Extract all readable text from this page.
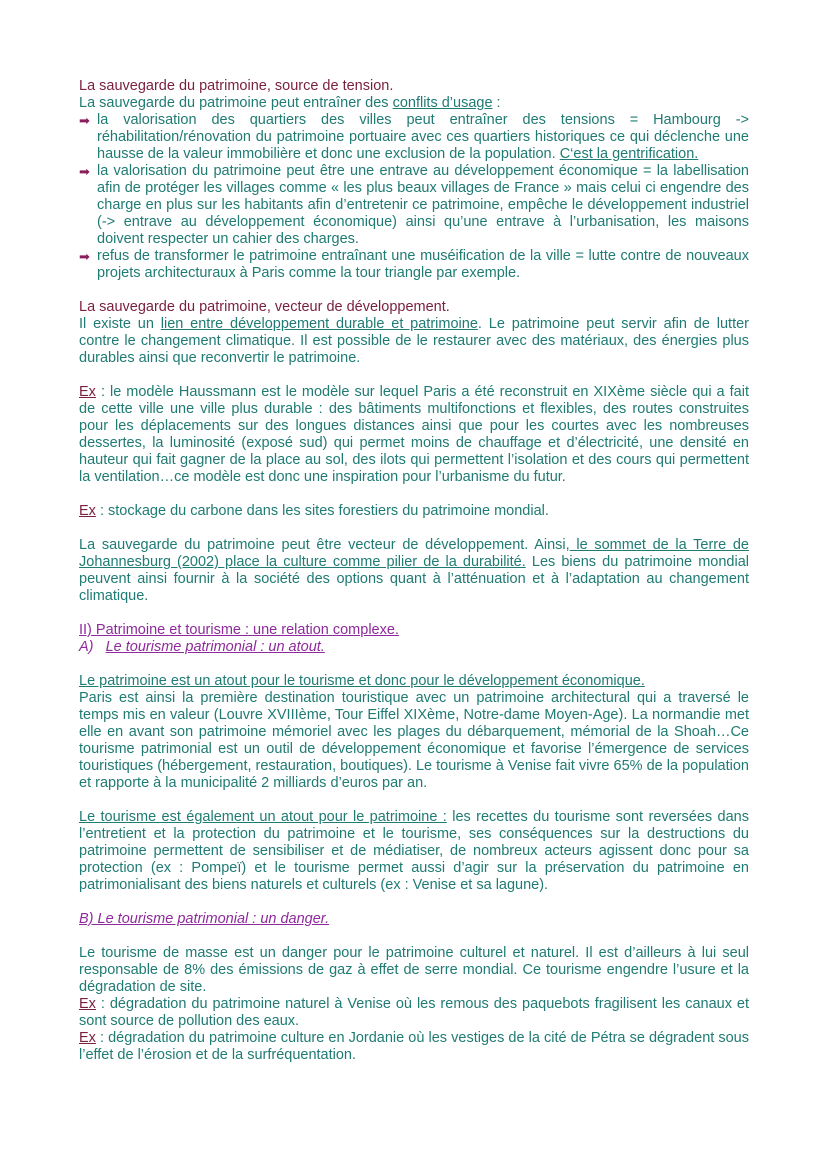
La sauvegarde du patrimoine, source de tension.

La sauvegarde du patrimoine peut entraîner des conflits d’usage :

➡ la valorisation des quartiers des villes peut entraîner des tensions = Hambourg -> réhabilitation/rénovation du patrimoine portuaire avec ces quartiers historiques ce qui déclenche une hausse de la valeur immobilière et donc une exclusion de la population. C‘est la gentrification.

➡ la valorisation du patrimoine peut être une entrave au développement économique = la labellisation afin de protéger les villages comme « les plus beaux villages de France » mais celui ci engendre des charge en plus sur les habitants afin d’entretenir ce patrimoine, empêche le développement industriel (-> entrave au développement économique) ainsi qu’une entrave à l’urbanisation, les maisons doivent respecter un cahier des charges.

➡ refus de transformer le patrimoine entraînant une muséification de la ville = lutte contre de nouveaux projets architecturaux à Paris comme la tour triangle par exemple.

La sauvegarde du patrimoine, vecteur de développement.

Il existe un lien entre développement durable et patrimoine. Le patrimoine peut servir afin de lutter contre le changement climatique. Il est possible de le restaurer avec des matériaux, des énergies plus durables ainsi que reconvertir le patrimoine.

Ex : le modèle Haussmann est le modèle sur lequel Paris a été reconstruit en XIXème siècle qui a fait de cette ville une ville plus durable : des bâtiments multifonctions et flexibles, des routes construites pour les déplacements sur des longues distances ainsi que pour les courtes avec les nombreuses dessertes, la luminosité (exposé sud) qui permet moins de chauffage et d’électricité, une densité en hauteur qui fait gagner de la place au sol, des ilots qui permettent l’isolation et des cours qui permettent la ventilation…ce modèle est donc une inspiration pour l’urbanisme du futur.

Ex : stockage du carbone dans les sites forestiers du patrimoine mondial.

La sauvegarde du patrimoine peut être vecteur de développement. Ainsi, le sommet de la Terre de Johannesburg (2002) place la culture comme pilier de la durabilité. Les biens du patrimoine mondial peuvent ainsi fournir à la société des options quant à l’atténuation et à l’adaptation au changement climatique.

II) Patrimoine et tourisme : une relation complexe.

A) Le tourisme patrimonial : un atout.

Le patrimoine est un atout pour le tourisme et donc pour le développement économique.

Paris est ainsi la première destination touristique avec un patrimoine architectural qui a traversé le temps mis en valeur (Louvre XVIIIème, Tour Eiffel XIXème, Notre-dame Moyen-Age). La normandie met elle en avant son patrimoine mémoriel avec les plages du débarquement, mémorial de la Shoah…Ce tourisme patrimonial est un outil de développement économique et favorise l’émergence de services touristiques (hébergement, restauration, boutiques). Le tourisme à Venise fait vivre 65% de la population et rapporte à la municipalité 2 milliards d’euros par an.

Le tourisme est également un atout pour le patrimoine : les recettes du tourisme sont reversées dans l’entretient et la protection du patrimoine et le tourisme, ses conséquences sur la destructions du patrimoine permettent de sensibiliser et de médiatiser, de nombreux acteurs agissent donc pour sa protection (ex : Pompeï) et le tourisme permet aussi d’agir sur la préservation du patrimoine en patrimonialisant des biens naturels et culturels (ex : Venise et sa lagune).

B) Le tourisme patrimonial : un danger.

Le tourisme de masse est un danger pour le patrimoine culturel et naturel. Il est d’ailleurs à lui seul responsable de 8% des émissions de gaz à effet de serre mondial. Ce tourisme engendre l’usure et la dégradation de site.

Ex : dégradation du patrimoine naturel à Venise où les remous des paquebots fragilisent les canaux et sont source de pollution des eaux.

Ex : dégradation du patrimoine culture en Jordanie où les vestiges de la cité de Pétra se dégradent sous l’effet de l’érosion et de la surfréquentation.
